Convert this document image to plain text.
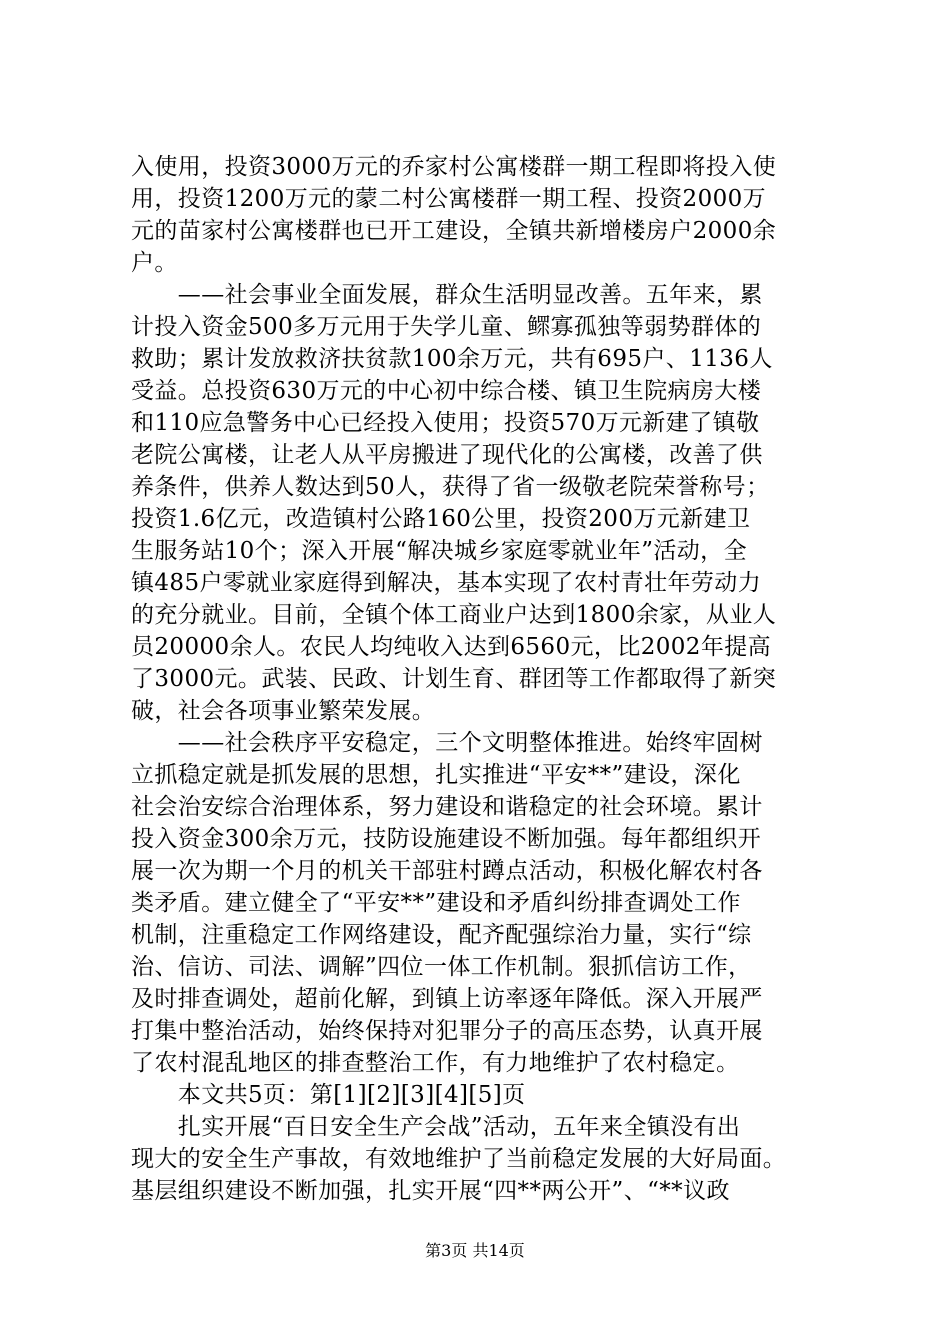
入使用，投资3000万元的乔家村公寓楼群一期工程即将投入使
用，投资1200万元的蒙二村公寓楼群一期工程、投资2000万
元的苗家村公寓楼群也已开工建设，全镇共新增楼房户2000余
户。
　　——社会事业全面发展，群众生活明显改善。五年来，累
计投入资金500多万元用于失学儿童、鳏寡孤独等弱势群体的
救助；累计发放救济扶贫款100余万元，共有695户、1136人
受益。总投资630万元的中心初中综合楼、镇卫生院病房大楼
和110应急警务中心已经投入使用；投资570万元新建了镇敬
老院公寓楼，让老人从平房搬进了现代化的公寓楼，改善了供
养条件，供养人数达到50人，获得了省一级敬老院荣誉称号；
投资1.6亿元，改造镇村公路160公里，投资200万元新建卫
生服务站10个；深入开展“解决城乡家庭零就业年”活动，全
镇485户零就业家庭得到解决，基本实现了农村青壮年劳动力
的充分就业。目前，全镇个体工商业户达到1800余家，从业人
员20000余人。农民人均纯收入达到6560元，比2002年提高
了3000元。武装、民政、计划生育、群团等工作都取得了新突
破，社会各项事业繁荣发展。
　　——社会秩序平安稳定，三个文明整体推进。始终牢固树
立抓稳定就是抓发展的思想，扎实推进“平安**”建设，深化
社会治安综合治理体系，努力建设和谐稳定的社会环境。累计
投入资金300余万元，技防设施建设不断加强。每年都组织开
展一次为期一个月的机关干部驻村蹲点活动，积极化解农村各
类矛盾。建立健全了“平安**”建设和矛盾纠纷排查调处工作
机制，注重稳定工作网络建设，配齐配强综治力量，实行“综
治、信访、司法、调解”四位一体工作机制。狠抓信访工作，
及时排查调处，超前化解，到镇上访率逐年降低。深入开展严
打集中整治活动，始终保持对犯罪分子的高压态势，认真开展
了农村混乱地区的排查整治工作，有力地维护了农村稳定。
　　本文共5页：第[1][2][3][4][5]页
　　扎实开展“百日安全生产会战”活动，五年来全镇没有出
现大的安全生产事故，有效地维护了当前稳定发展的大好局面。
基层组织建设不断加强，扎实开展“四**两公开”、“**议政
第3页 共14页
